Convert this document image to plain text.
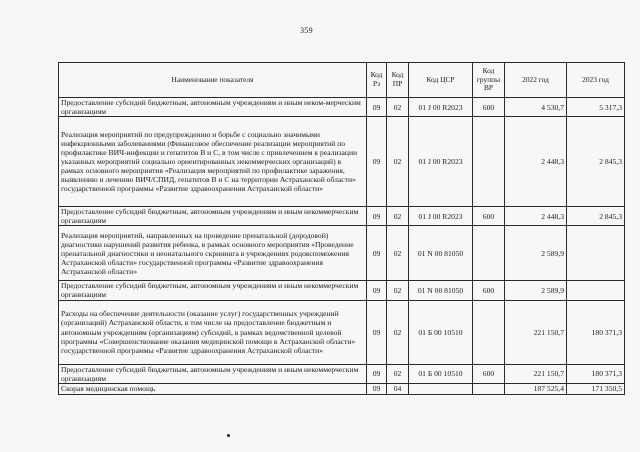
359
Наименование показателя	Код Рз	Код ПР	Код ЦСР	Код группы ВР	2022 год	2023 год
Предоставление субсидий бюджетным, автономным учреждениям и иным неком-мерческим организациям	09	02	01 J 00 R2023	600	4 530,7	5 317,3
Реализация мероприятий по предупреждению и борьбе с социально значимыми инфекционными заболеваниями (Финансовое обеспечение реализации мероприятий по профилактике ВИЧ-инфекции и гепатитов В и С, в том числе с привлечением к реализации указанных мероприятий социально ориентированных некоммерческих организаций) в рамках основного мероприятия «Реализация мероприятий по профилактике заражения, выявлению и лечению ВИЧ/СПИД, гепатитов В и С на территории Астраханской области» государственной программы «Развитие здравоохранения Астраханской области»	09	02	01 J 00 R2023		2 448,3	2 845,3
Предоставление субсидий бюджетным, автономным учреждениям и иным некоммерческим организациям	09	02	01 J 00 R2023	600	2 448,3	2 845,3
Реализация мероприятий, направленных на проведение пренатальной (дородовой) диагностики нарушений развития ребенка, в рамках основного мероприятия «Проведение пренатальной диагностики и неонатального скрининга в учреждениях родовспоможения Астраханской области» государственной программы «Развитие здравоохранения Астраханской области»	09	02	01 N 00 81050		2 589,9	
Предоставление субсидий бюджетным, автономным учреждениям и иным некоммерческим организациям	09	02	01 N 00 81050	600	2 589,9	
Расходы на обеспечение деятельности (оказание услуг) государственных учреждений (организаций) Астраханской области, в том числе на предоставление бюджетным и автономным учреждениям (организациям) субсидий, в рамках ведомственной целевой программы «Совершенствование оказания медицинской помощи в Астраханской области» государственной программы «Развитие здравоохранения Астраханской области»	09	02	01 Б 00 10510		221 150,7	180 371,3
Предоставление субсидий бюджетным, автономным учреждениям и иным некоммерческим организациям	09	02	01 Б 00 10510	600	221 150,7	180 371,3
Скорая медицинская помощь	09	04			187 525,4	171 350,5
